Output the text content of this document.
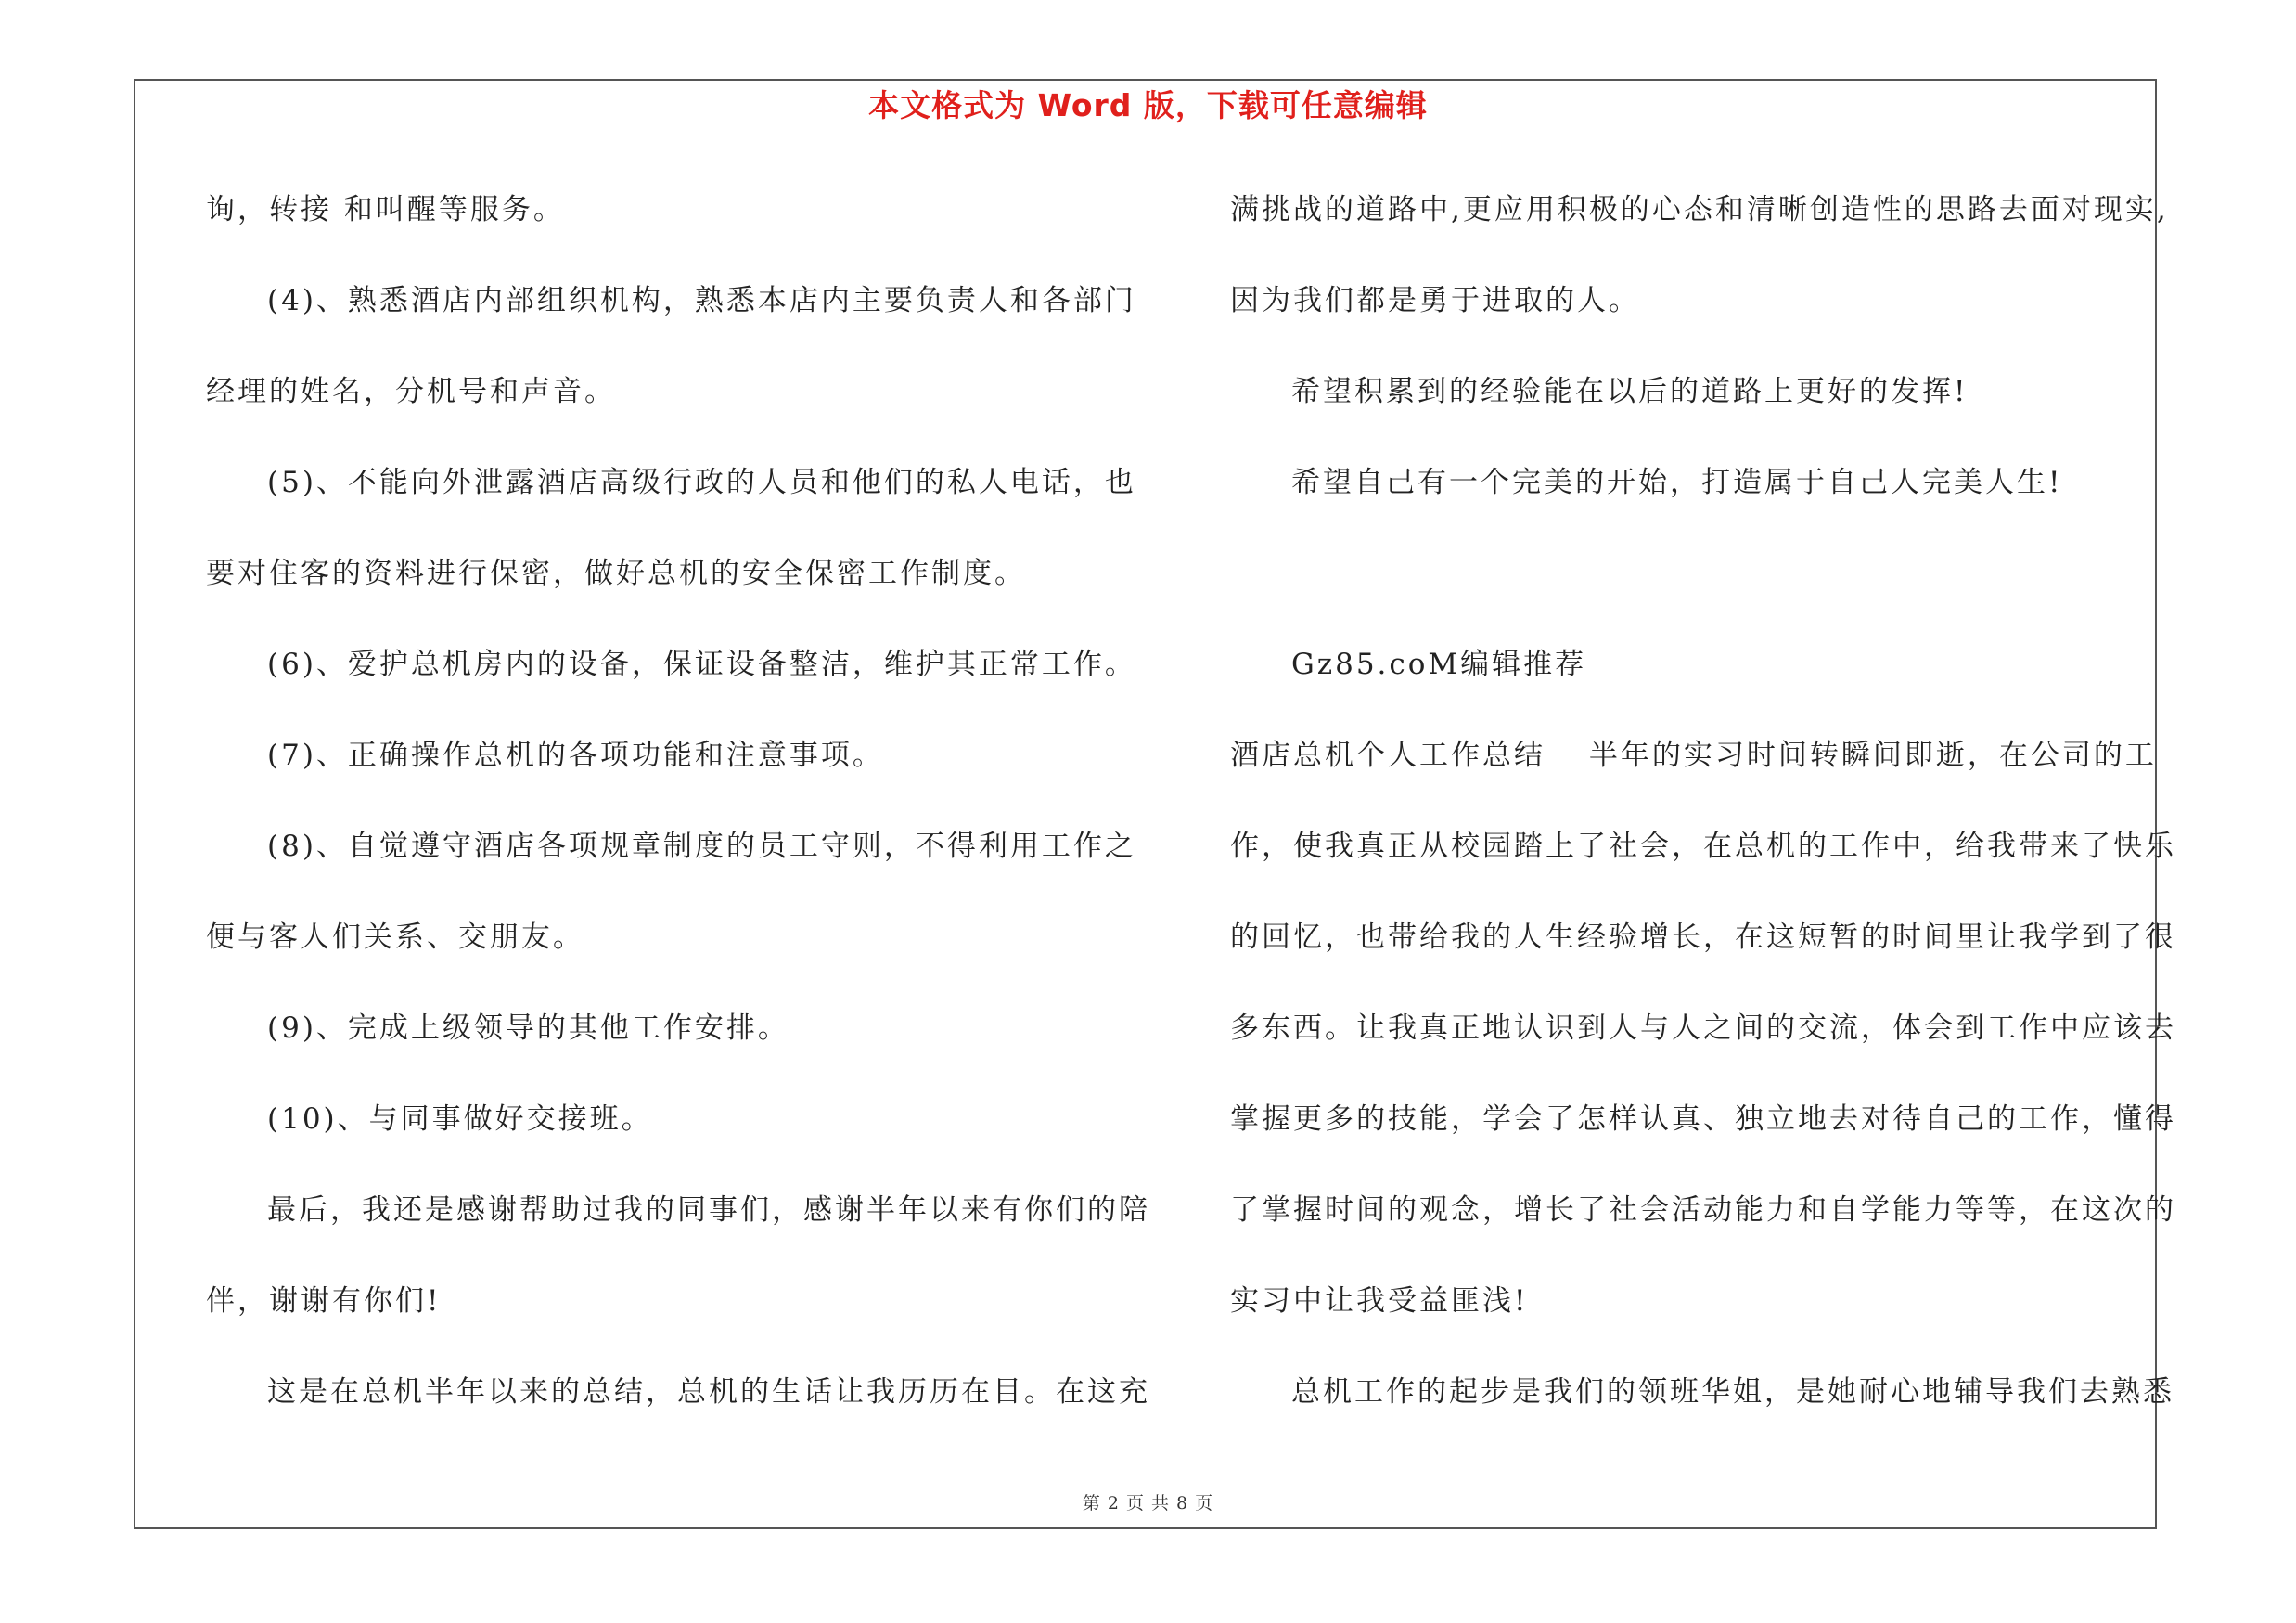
本文格式为 Word 版，下载可任意编辑
询，转接 和叫醒等服务。
(4)、熟悉酒店内部组织机构，熟悉本店内主要负责人和各部门
经理的姓名，分机号和声音。
(5)、不能向外泄露酒店高级行政的人员和他们的私人电话，也
要对住客的资料进行保密，做好总机的安全保密工作制度。
(6)、爱护总机房内的设备，保证设备整洁，维护其正常工作。
(7)、正确操作总机的各项功能和注意事项。
(8)、自觉遵守酒店各项规章制度的员工守则，不得利用工作之
便与客人们关系、交朋友。
(9)、完成上级领导的其他工作安排。
(10)、与同事做好交接班。
最后，我还是感谢帮助过我的同事们，感谢半年以来有你们的陪
伴，谢谢有你们!
这是在总机半年以来的总结，总机的生话让我历历在目。在这充
满挑战的道路中,更应用积极的心态和清晰创造性的思路去面对现实,
因为我们都是勇于进取的人。
希望积累到的经验能在以后的道路上更好的发挥!
希望自己有一个完美的开始，打造属于自己人完美人生!
Gz85.coM编辑推荐
酒店总机个人工作总结　 半年的实习时间转瞬间即逝，在公司的工
作，使我真正从校园踏上了社会，在总机的工作中，给我带来了快乐
的回忆，也带给我的人生经验增长，在这短暂的时间里让我学到了很
多东西。让我真正地认识到人与人之间的交流，体会到工作中应该去
掌握更多的技能，学会了怎样认真、独立地去对待自己的工作，懂得
了掌握时间的观念，增长了社会活动能力和自学能力等等，在这次的
实习中让我受益匪浅!
总机工作的起步是我们的领班华姐，是她耐心地辅导我们去熟悉
第 2 页 共 8 页
